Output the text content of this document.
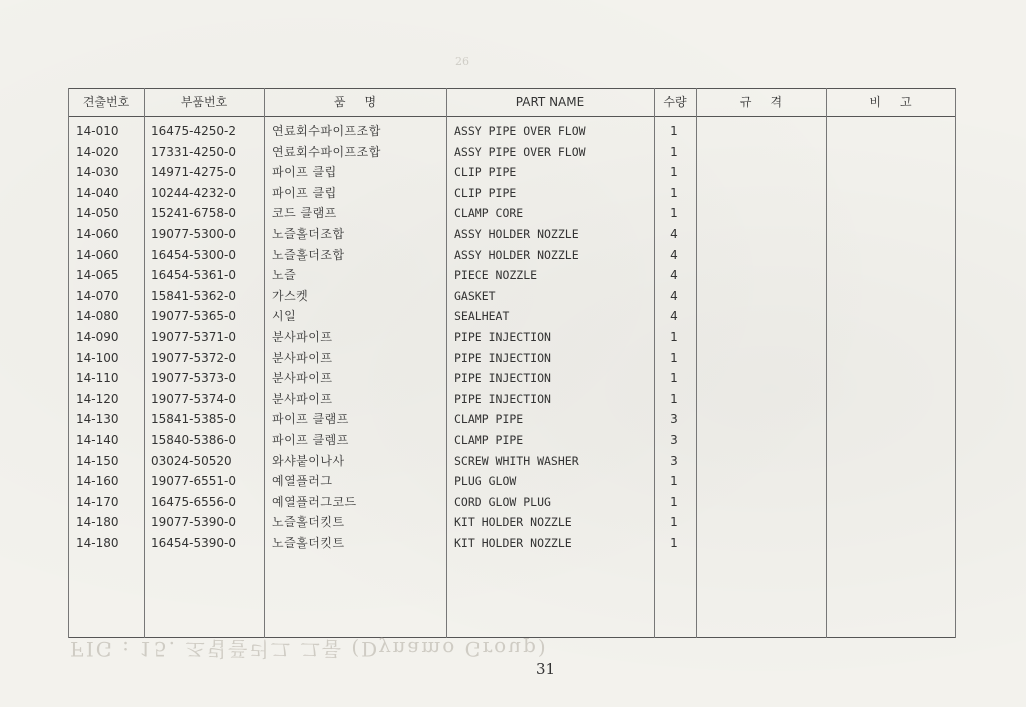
26
견출번호	부품번호	품     명	PART NAME	수량	규     격	비     고
14-010	16475-4250-2	연료회수파이프조합	ASSY PIPE OVER FLOW	1
14-020	17331-4250-0	연료회수파이프조합	ASSY PIPE OVER FLOW	1
14-030	14971-4275-0	파이프 클립	CLIP PIPE	1
14-040	10244-4232-0	파이프 클립	CLIP PIPE	1
14-050	15241-6758-0	코드 클램프	CLAMP CORE	1
14-060	19077-5300-0	노즐홀더조합	ASSY HOLDER NOZZLE	4
14-060	16454-5300-0	노즐홀더조합	ASSY HOLDER NOZZLE	4
14-065	16454-5361-0	노즐	PIECE NOZZLE	4
14-070	15841-5362-0	가스켓	GASKET	4
14-080	19077-5365-0	시일	SEALHEAT	4
14-090	19077-5371-0	분사파이프	PIPE INJECTION	1
14-100	19077-5372-0	분사파이프	PIPE INJECTION	1
14-110	19077-5373-0	분사파이프	PIPE INJECTION	1
14-120	19077-5374-0	분사파이프	PIPE INJECTION	1
14-130	15841-5385-0	파이프 클램프	CLAMP PIPE	3
14-140	15840-5386-0	파이프 클렘프	CLAMP PIPE	3
14-150	03024-50520	와샤붙이나사	SCREW WHITH WASHER	3
14-160	19077-6551-0	예열플러그	PLUG GLOW	1
14-170	16475-6556-0	예열플러그코드	CORD GLOW PLUG	1
14-180	19077-5390-0	노즐홀더킷트	KIT HOLDER NOZZLE	1
14-180	16454-5390-0	노즐홀더킷트	KIT HOLDER NOZZLE	1
FIG : 15. 조립플러그 그룹 (Dynamo Group)
31
